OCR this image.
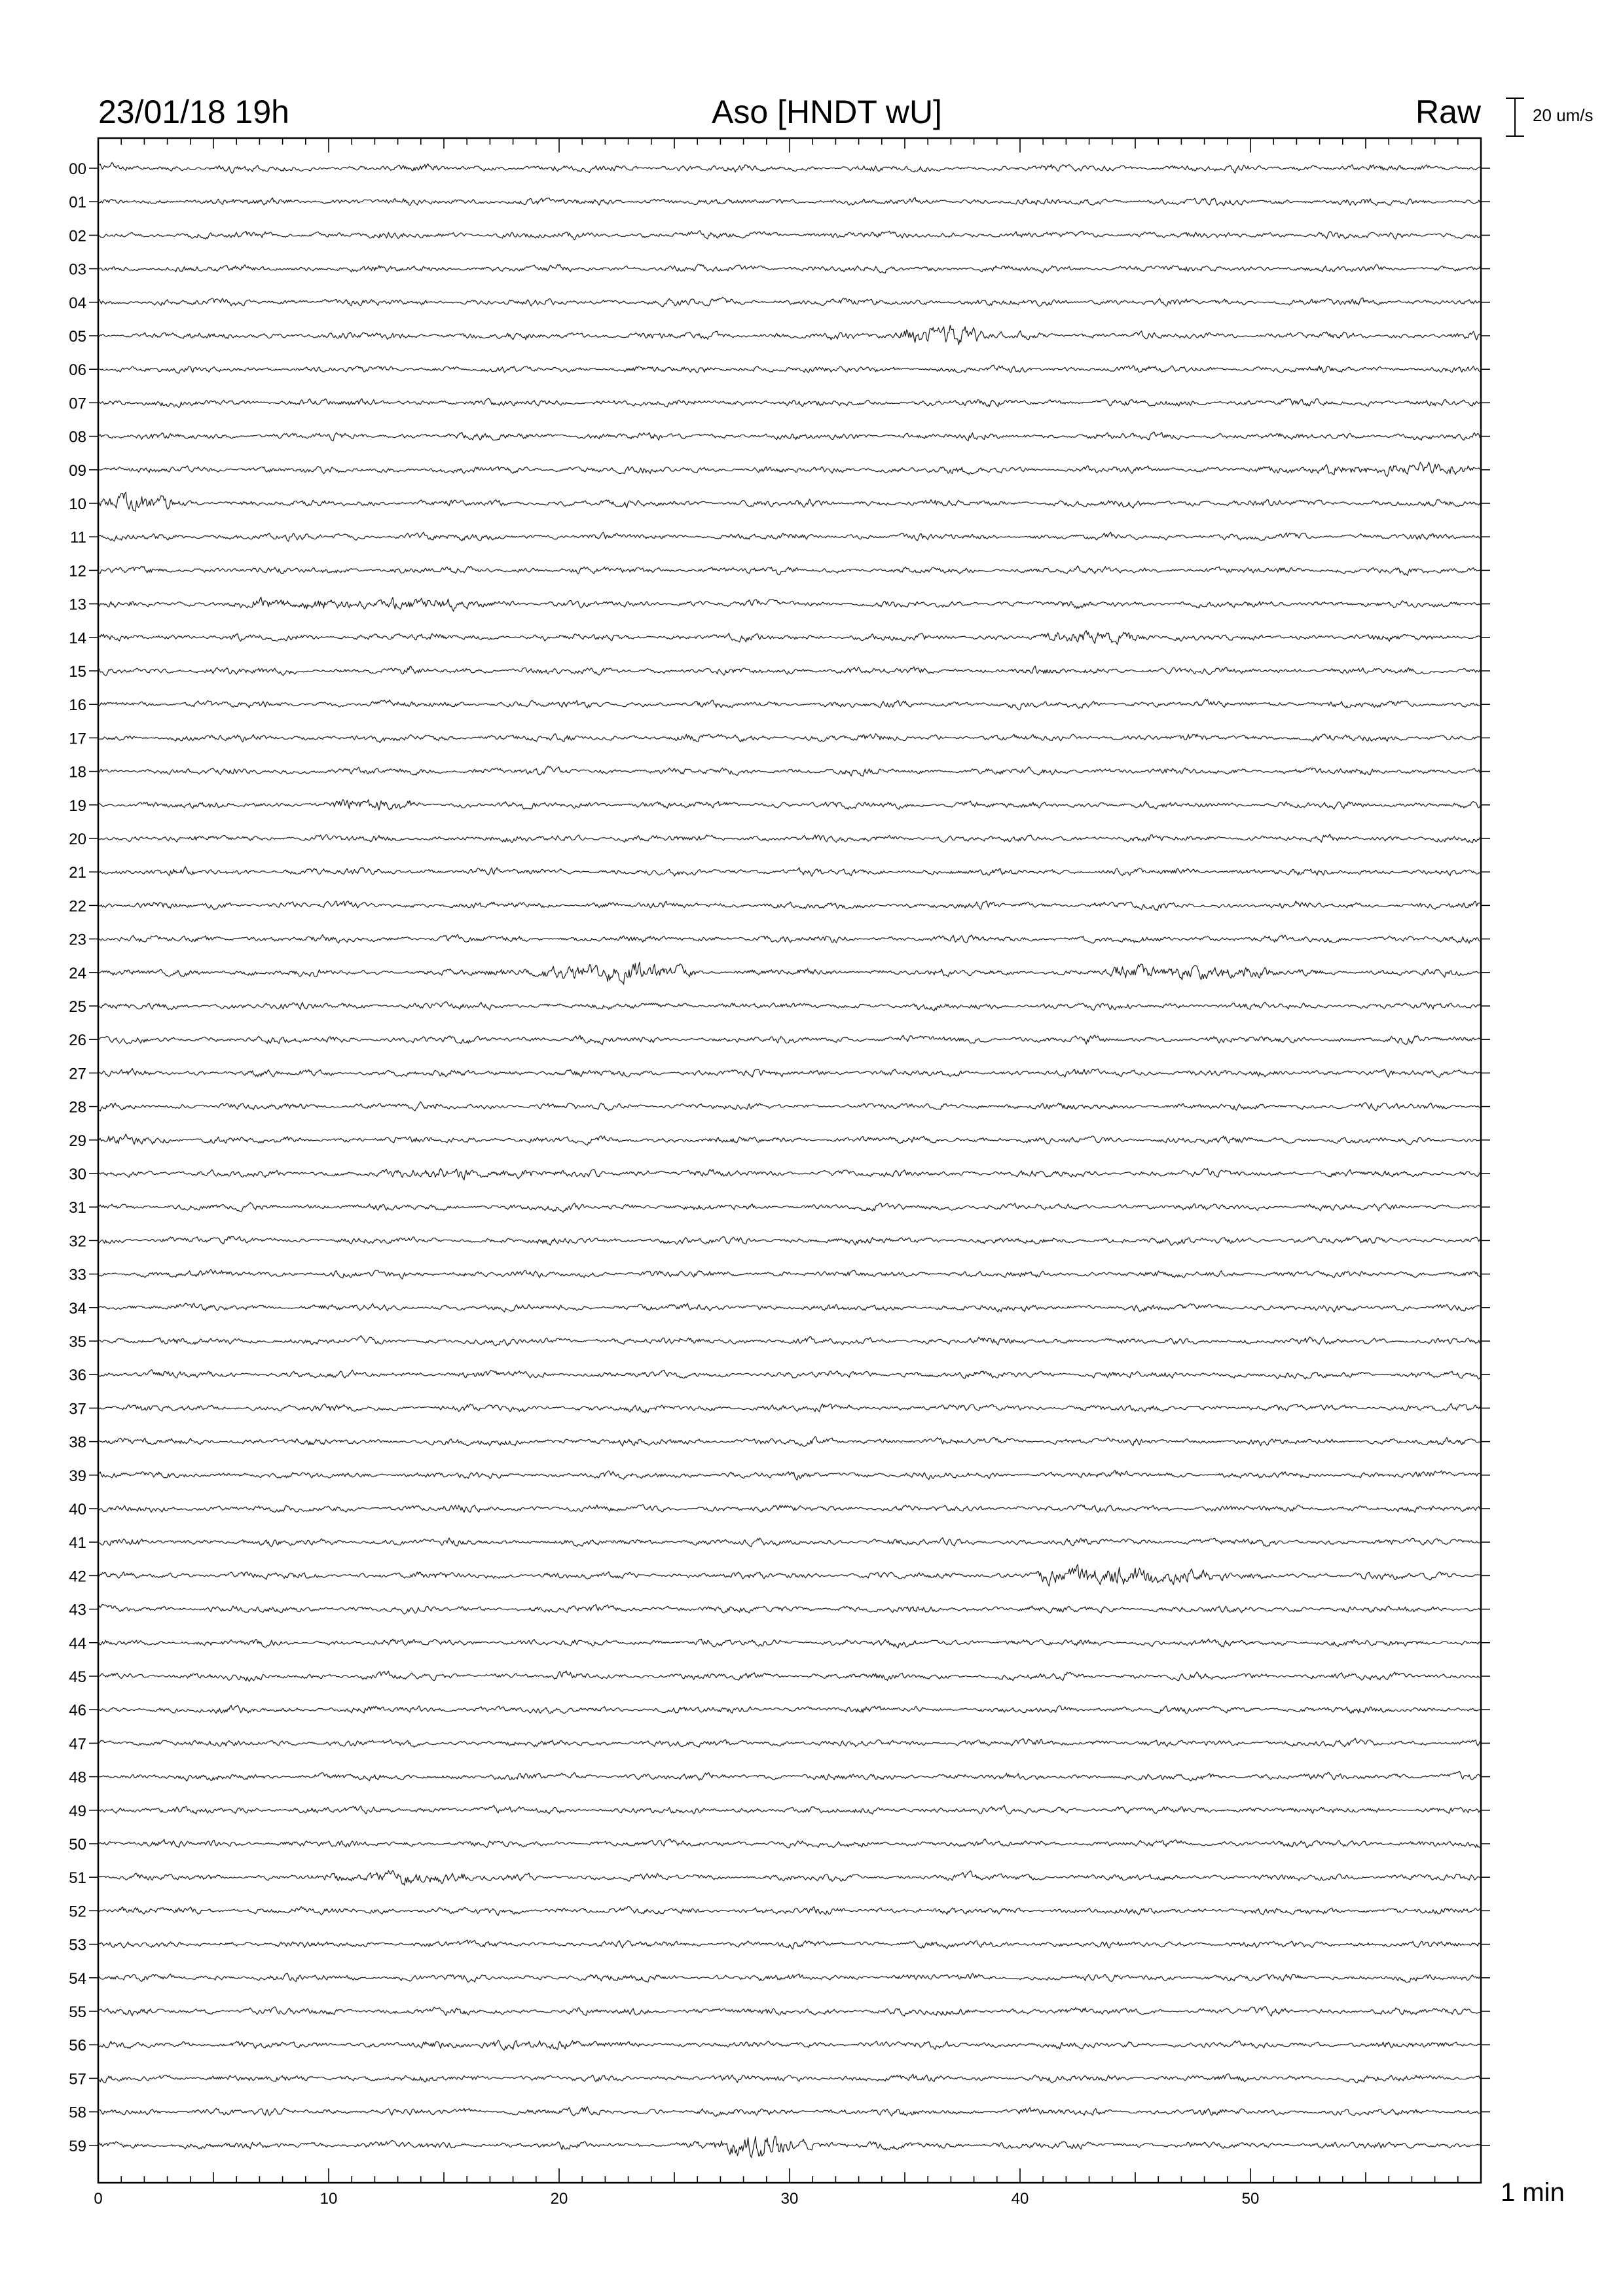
23/01/18 19h	Aso [HNDT wU]	Raw	20 um/s
0	10	20	30	40	50
00
01
02
03
04
05
06
07
08
09
10
11
12
13
14
15
16
17
18
19
20
21
22
23
24
25
26
27
28
29
30
31
32
33
34
35
36
37
38
39
40
41
42
43
44
45
46
47
48
49
50
51
52
53
54
55
56
57
58
59
1 min
